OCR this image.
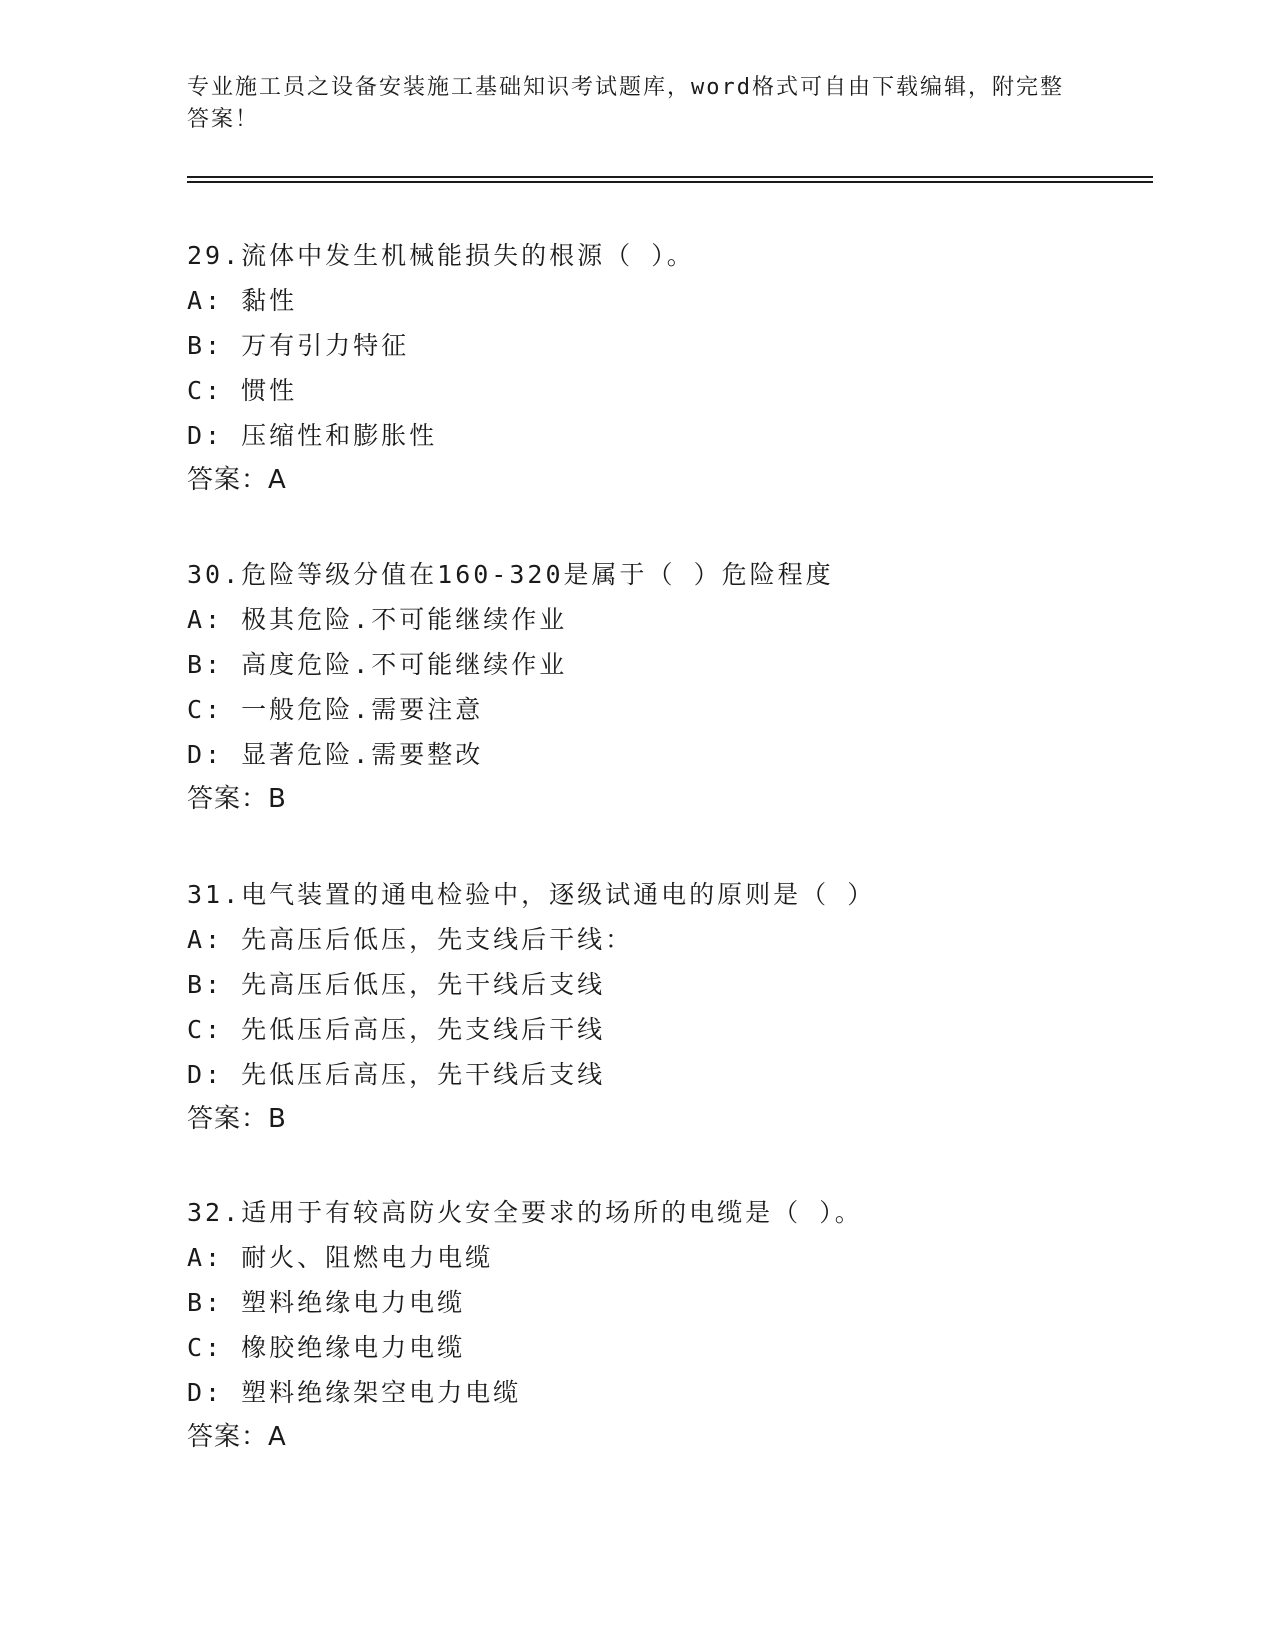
专业施工员之设备安装施工基础知识考试题库，word格式可自由下载编辑，附完整答案！
29.流体中发生机械能损失的根源（ ）。
A: 黏性
B: 万有引力特征
C: 惯性
D: 压缩性和膨胀性
答案：A
30.危险等级分值在160-320是属于（ ）危险程度
A: 极其危险.不可能继续作业
B: 高度危险.不可能继续作业
C: 一般危险.需要注意
D: 显著危险.需要整改
答案：B
31.电气装置的通电检验中，逐级试通电的原则是（ ）
A: 先高压后低压，先支线后干线：
B: 先高压后低压，先干线后支线
C: 先低压后高压，先支线后干线
D: 先低压后高压，先干线后支线
答案：B
32.适用于有较高防火安全要求的场所的电缆是（ ）。
A: 耐火、阻燃电力电缆
B: 塑料绝缘电力电缆
C: 橡胶绝缘电力电缆
D: 塑料绝缘架空电力电缆
答案：A
